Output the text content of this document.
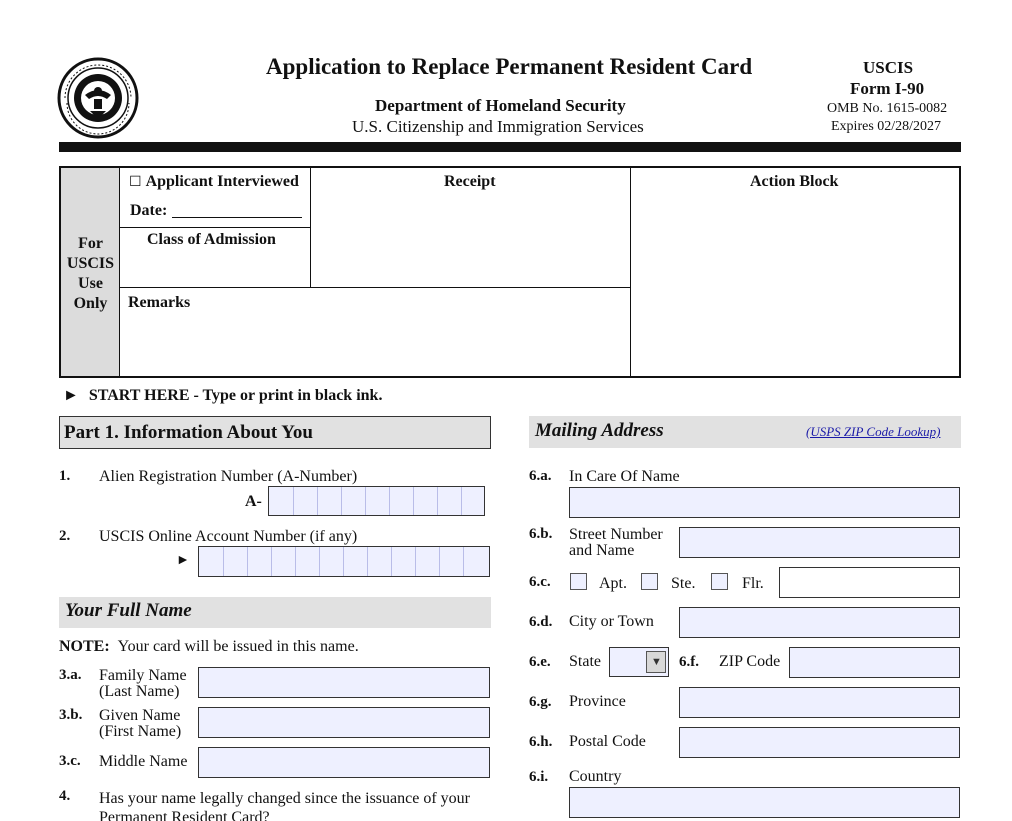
Application to Replace Permanent Resident Card
Department of Homeland Security
U.S. Citizenship and Immigration Services
USCIS
Form I-90
OMB No. 1615-0082
Expires 02/28/2027
For
USCIS
Use
Only
☐ Applicant Interviewed
Date:
Receipt	Action Block
Class of Admission
Remarks
► START HERE - Type or print in black ink.
Part 1. Information About You
1. Alien Registration Number (A-Number)
A-
2. USCIS Online Account Number (if any)
►
Your Full Name
NOTE: Your card will be issued in this name.
3.a. Family Name
(Last Name)
3.b. Given Name
(First Name)
3.c. Middle Name
4. Has your name legally changed since the issuance of your
Permanent Resident Card?
Mailing Address	(USPS ZIP Code Lookup)
6.a. In Care Of Name
6.b. Street Number
and Name
6.c.	Apt.	Ste.	Flr.
6.d. City or Town
6.e. State	▼ 6.f. ZIP Code
6.g. Province
6.h. Postal Code
6.i. Country
